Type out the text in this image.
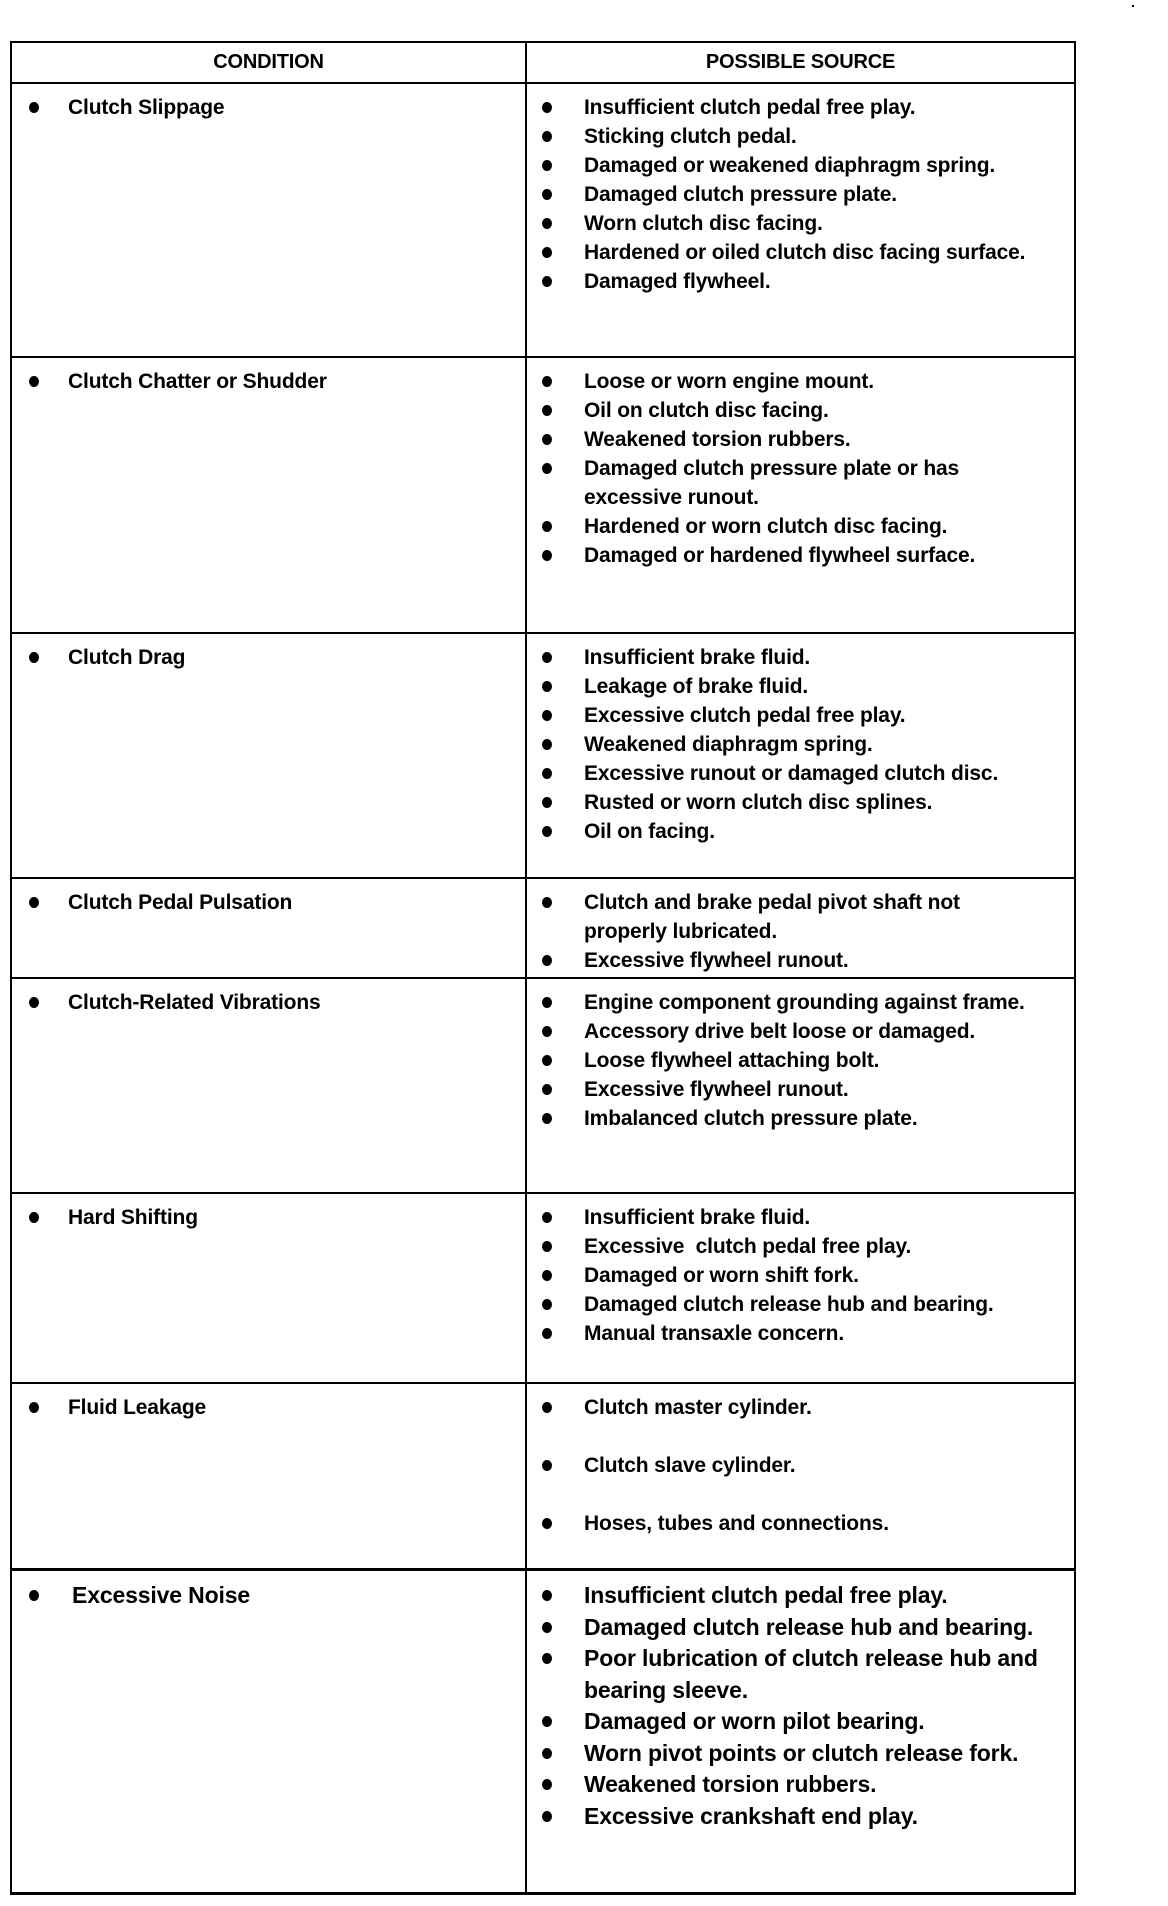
CONDITION	POSSIBLE SOURCE
Clutch Slippage	Insufficient clutch pedal free play.
Sticking clutch pedal.
Damaged or weakened diaphragm spring.
Damaged clutch pressure plate.
Worn clutch disc facing.
Hardened or oiled clutch disc facing surface.
Damaged flywheel.
Clutch Chatter or Shudder	Loose or worn engine mount.
Oil on clutch disc facing.
Weakened torsion rubbers.
Damaged clutch pressure plate or has excessive runout.
Hardened or worn clutch disc facing.
Damaged or hardened flywheel surface.
Clutch Drag	Insufficient brake fluid.
Leakage of brake fluid.
Excessive clutch pedal free play.
Weakened diaphragm spring.
Excessive runout or damaged clutch disc.
Rusted or worn clutch disc splines.
Oil on facing.
Clutch Pedal Pulsation	Clutch and brake pedal pivot shaft not properly lubricated.
Excessive flywheel runout.
Clutch-Related Vibrations	Engine component grounding against frame.
Accessory drive belt loose or damaged.
Loose flywheel attaching bolt.
Excessive flywheel runout.
Imbalanced clutch pressure plate.
Hard Shifting	Insufficient brake fluid.
Excessive  clutch pedal free play.
Damaged or worn shift fork.
Damaged clutch release hub and bearing.
Manual transaxle concern.
Fluid Leakage	Clutch master cylinder.
Clutch slave cylinder.
Hoses, tubes and connections.
Excessive Noise	Insufficient clutch pedal free play.
Damaged clutch release hub and bearing.
Poor lubrication of clutch release hub and bearing sleeve.
Damaged or worn pilot bearing.
Worn pivot points or clutch release fork.
Weakened torsion rubbers.
Excessive crankshaft end play.
